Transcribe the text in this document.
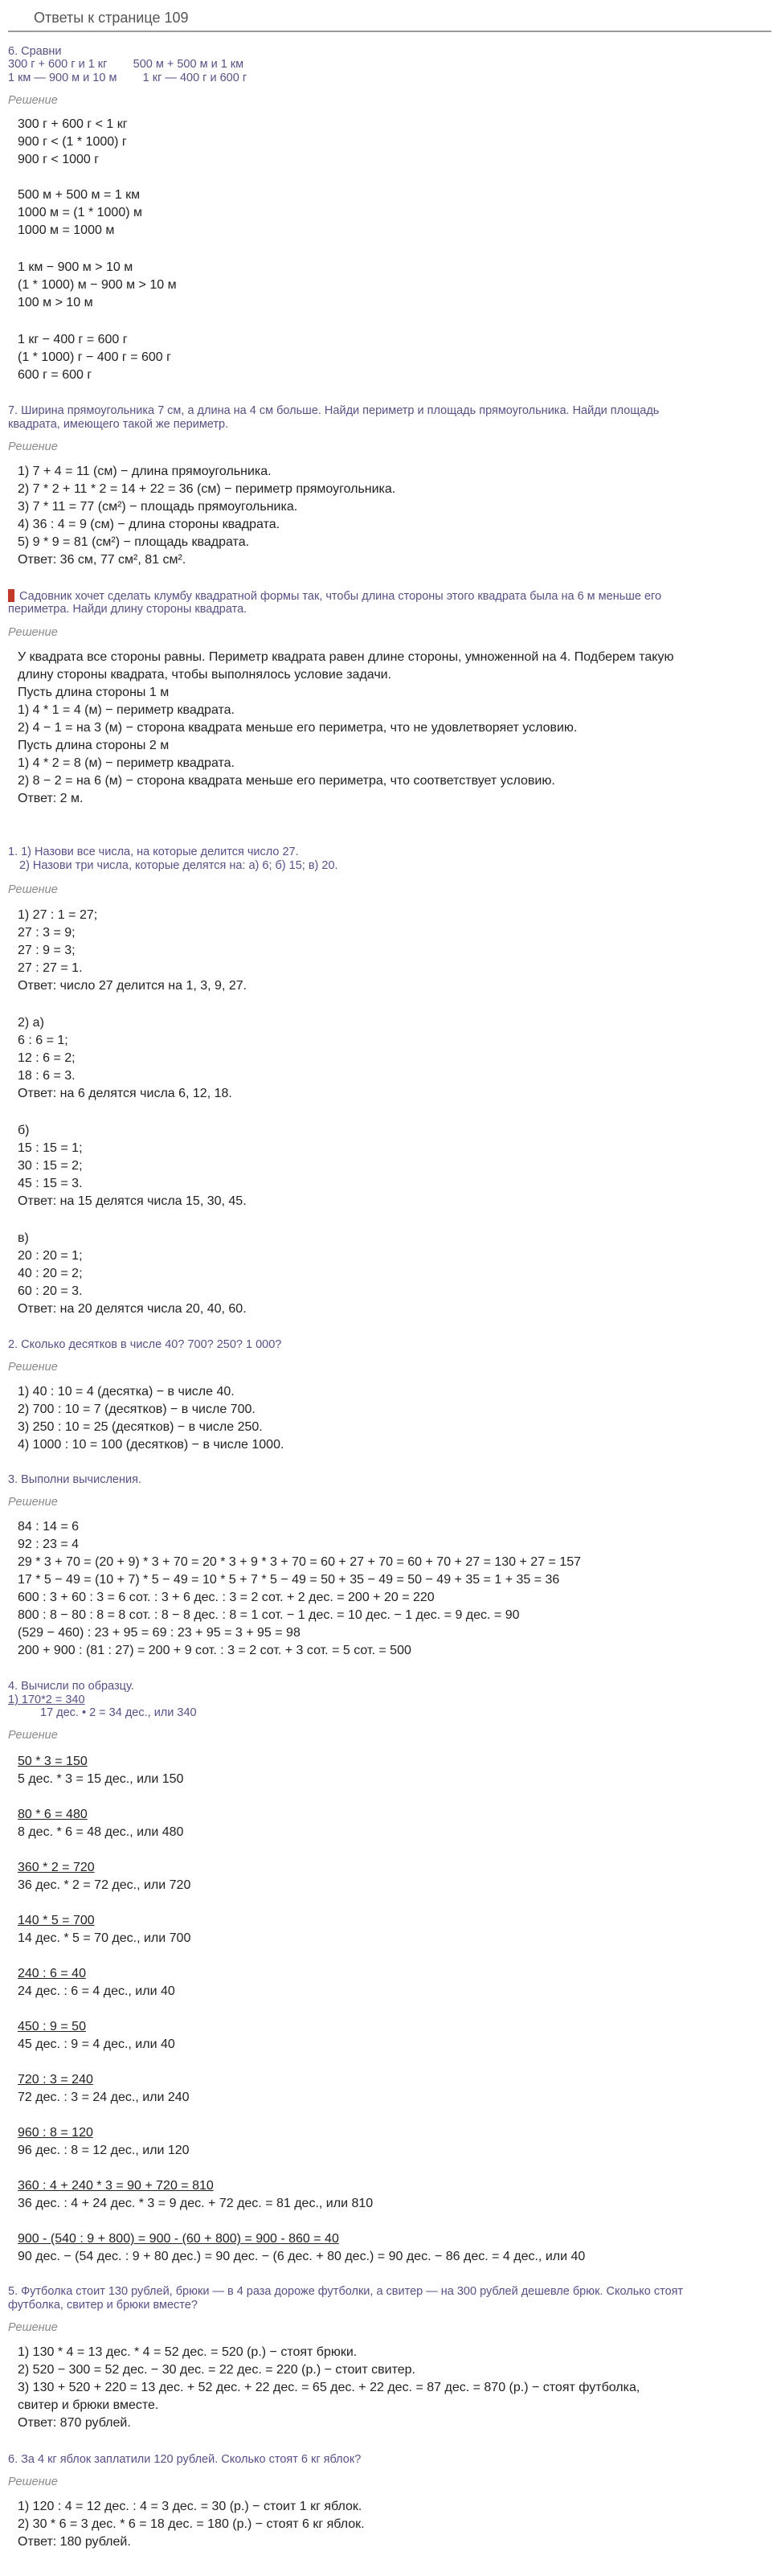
Ответы к странице 109
6. Сравни
300 г + 600 г и 1 кг        500 м + 500 м и 1 км
1 км — 900 м и 10 м        1 кг — 400 г и 600 г
Решение
300 г + 600 г < 1 кг
900 г < (1 * 1000) г
900 г < 1000 г
500 м + 500 м = 1 км
1000 м = (1 * 1000) м
1000 м = 1000 м
1 км − 900 м > 10 м
(1 * 1000) м − 900 м > 10 м
100 м > 10 м
1 кг − 400 г = 600 г
(1 * 1000) г − 400 г = 600 г
600 г = 600 г
7. Ширина прямоугольника 7 см, а длина на 4 см больше. Найди периметр и площадь прямоугольника. Найди площадь
квадрата, имеющего такой же периметр.
Решение
1) 7 + 4 = 11 (см) − длина прямоугольника.
2) 7 * 2 + 11 * 2 = 14 + 22 = 36 (см) − периметр прямоугольника.
3) 7 * 11 = 77 (см²) − площадь прямоугольника.
4) 36 : 4 = 9 (см) − длина стороны квадрата.
5) 9 * 9 = 81 (см²) − площадь квадрата.
Ответ: 36 см, 77 см², 81 см².
Садовник хочет сделать клумбу квадратной формы так, чтобы длина стороны этого квадрата была на 6 м меньше его
периметра. Найди длину стороны квадрата.
Решение
У квадрата все стороны равны. Периметр квадрата равен длине стороны, умноженной на 4. Подберем такую
длину стороны квадрата, чтобы выполнялось условие задачи.
Пусть длина стороны 1 м
1) 4 * 1 = 4 (м) − периметр квадрата.
2) 4 − 1 = на 3 (м) − сторона квадрата меньше его периметра, что не удовлетворяет условию.
Пусть длина стороны 2 м
1) 4 * 2 = 8 (м) − периметр квадрата.
2) 8 − 2 = на 6 (м) − сторона квадрата меньше его периметра, что соответствует условию.
Ответ: 2 м.
1. 1) Назови все числа, на которые делится число 27.
2) Назови три числа, которые делятся на: а) 6; б) 15; в) 20.
Решение
1) 27 : 1 = 27;
27 : 3 = 9;
27 : 9 = 3;
27 : 27 = 1.
Ответ: число 27 делится на 1, 3, 9, 27.
2) а)
6 : 6 = 1;
12 : 6 = 2;
18 : 6 = 3.
Ответ: на 6 делятся числа 6, 12, 18.
б)
15 : 15 = 1;
30 : 15 = 2;
45 : 15 = 3.
Ответ: на 15 делятся числа 15, 30, 45.
в)
20 : 20 = 1;
40 : 20 = 2;
60 : 20 = 3.
Ответ: на 20 делятся числа 20, 40, 60.
2. Сколько десятков в числе 40? 700? 250? 1 000?
Решение
1) 40 : 10 = 4 (десятка) − в числе 40.
2) 700 : 10 = 7 (десятков) − в числе 700.
3) 250 : 10 = 25 (десятков) − в числе 250.
4) 1000 : 10 = 100 (десятков) − в числе 1000.
3. Выполни вычисления.
Решение
84 : 14 = 6
92 : 23 = 4
29 * 3 + 70 = (20 + 9) * 3 + 70 = 20 * 3 + 9 * 3 + 70 = 60 + 27 + 70 = 60 + 70 + 27 = 130 + 27 = 157
17 * 5 − 49 = (10 + 7) * 5 − 49 = 10 * 5 + 7 * 5 − 49 = 50 + 35 − 49 = 50 − 49 + 35 = 1 + 35 = 36
600 : 3 + 60 : 3 = 6 сот. : 3 + 6 дес. : 3 = 2 сот. + 2 дес. = 200 + 20 = 220
800 : 8 − 80 : 8 = 8 сот. : 8 − 8 дес. : 8 = 1 сот. − 1 дес. = 10 дес. − 1 дес. = 9 дес. = 90
(529 − 460) : 23 + 95 = 69 : 23 + 95 = 3 + 95 = 98
200 + 900 : (81 : 27) = 200 + 9 сот. : 3 = 2 сот. + 3 сот. = 5 сот. = 500
4. Вычисли по образцу.
1) 170*2 = 340
17 дес. • 2 = 34 дес., или 340
Решение
50 * 3 = 150
5 дес. * 3 = 15 дес., или 150
80 * 6 = 480
8 дес. * 6 = 48 дес., или 480
360 * 2 = 720
36 дес. * 2 = 72 дес., или 720
140 * 5 = 700
14 дес. * 5 = 70 дес., или 700
240 : 6 = 40
24 дес. : 6 = 4 дес., или 40
450 : 9 = 50
45 дес. : 9 = 4 дес., или 40
720 : 3 = 240
72 дес. : 3 = 24 дес., или 240
960 : 8 = 120
96 дес. : 8 = 12 дес., или 120
360 : 4 + 240 * 3 = 90 + 720 = 810
36 дес. : 4 + 24 дес. * 3 = 9 дес. + 72 дес. = 81 дес., или 810
900 - (540 : 9 + 800) = 900 - (60 + 800) = 900 - 860 = 40
90 дес. − (54 дес. : 9 + 80 дес.) = 90 дес. − (6 дес. + 80 дес.) = 90 дес. − 86 дес. = 4 дес., или 40
5. Футболка стоит 130 рублей, брюки — в 4 раза дороже футболки, а свитер — на 300 рублей дешевле брюк. Сколько стоят
футболка, свитер и брюки вместе?
Решение
1) 130 * 4 = 13 дес. * 4 = 52 дес. = 520 (р.) − стоят брюки.
2) 520 − 300 = 52 дес. − 30 дес. = 22 дес. = 220 (р.) − стоит свитер.
3) 130 + 520 + 220 = 13 дес. + 52 дес. + 22 дес. = 65 дес. + 22 дес. = 87 дес. = 870 (р.) − стоят футболка,
свитер и брюки вместе.
Ответ: 870 рублей.
6. За 4 кг яблок заплатили 120 рублей. Сколько стоят 6 кг яблок?
Решение
1) 120 : 4 = 12 дес. : 4 = 3 дес. = 30 (р.) − стоит 1 кг яблок.
2) 30 * 6 = 3 дес. * 6 = 18 дес. = 180 (р.) − стоят 6 кг яблок.
Ответ: 180 рублей.
